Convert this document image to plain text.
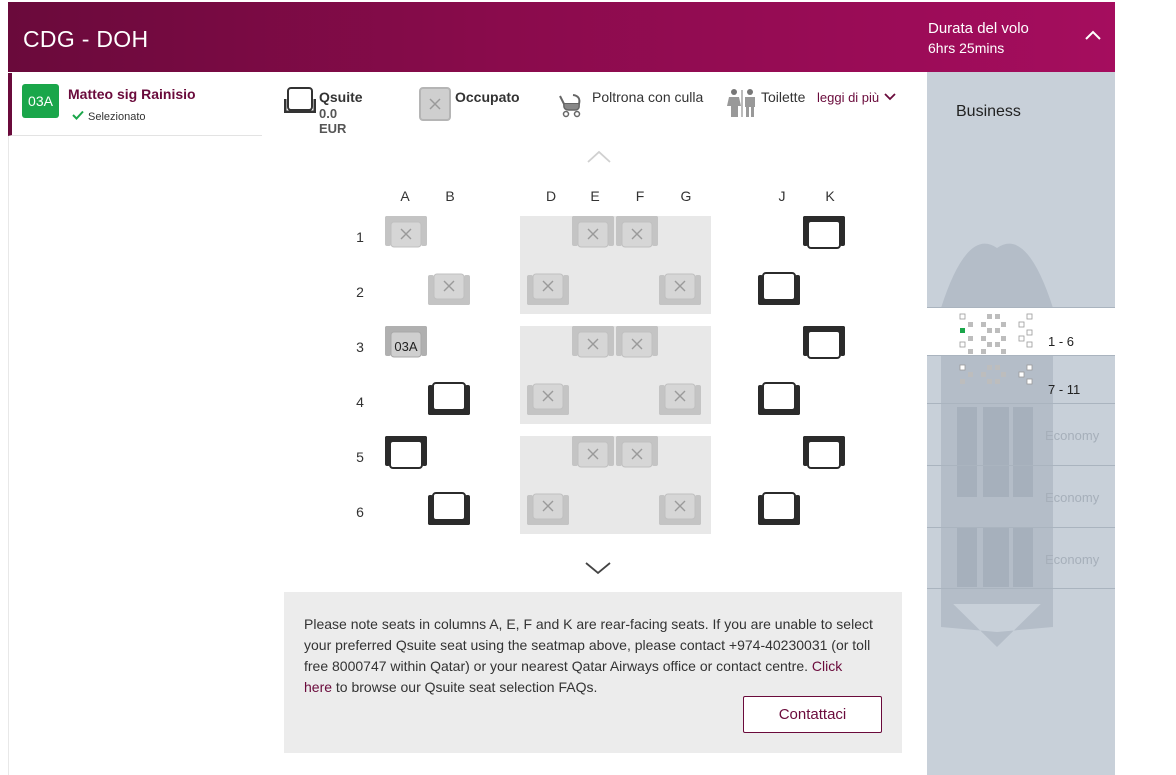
CDG - DOH	Durata del volo
6hrs 25mins
03A	Matteo sig Rainisio
Selezionato
Qsuite
0.0 EUR
Occupato	Poltrona con culla	Toilette leggi di più
A	B	D	E	F	G	J	K
1
2
3
4
5
6
03A
Please note seats in columns A, E, F and K are rear-facing seats. If you are unable to select your preferred Qsuite seat using the seatmap above, please contact +974-40230031 (or toll free 8000747 within Qatar) or your nearest Qatar Airways office or contact centre. Click here to browse our Qsuite seat selection FAQs.
Contattaci
Business
1 - 6
7 - 11
Economy
Economy
Economy
